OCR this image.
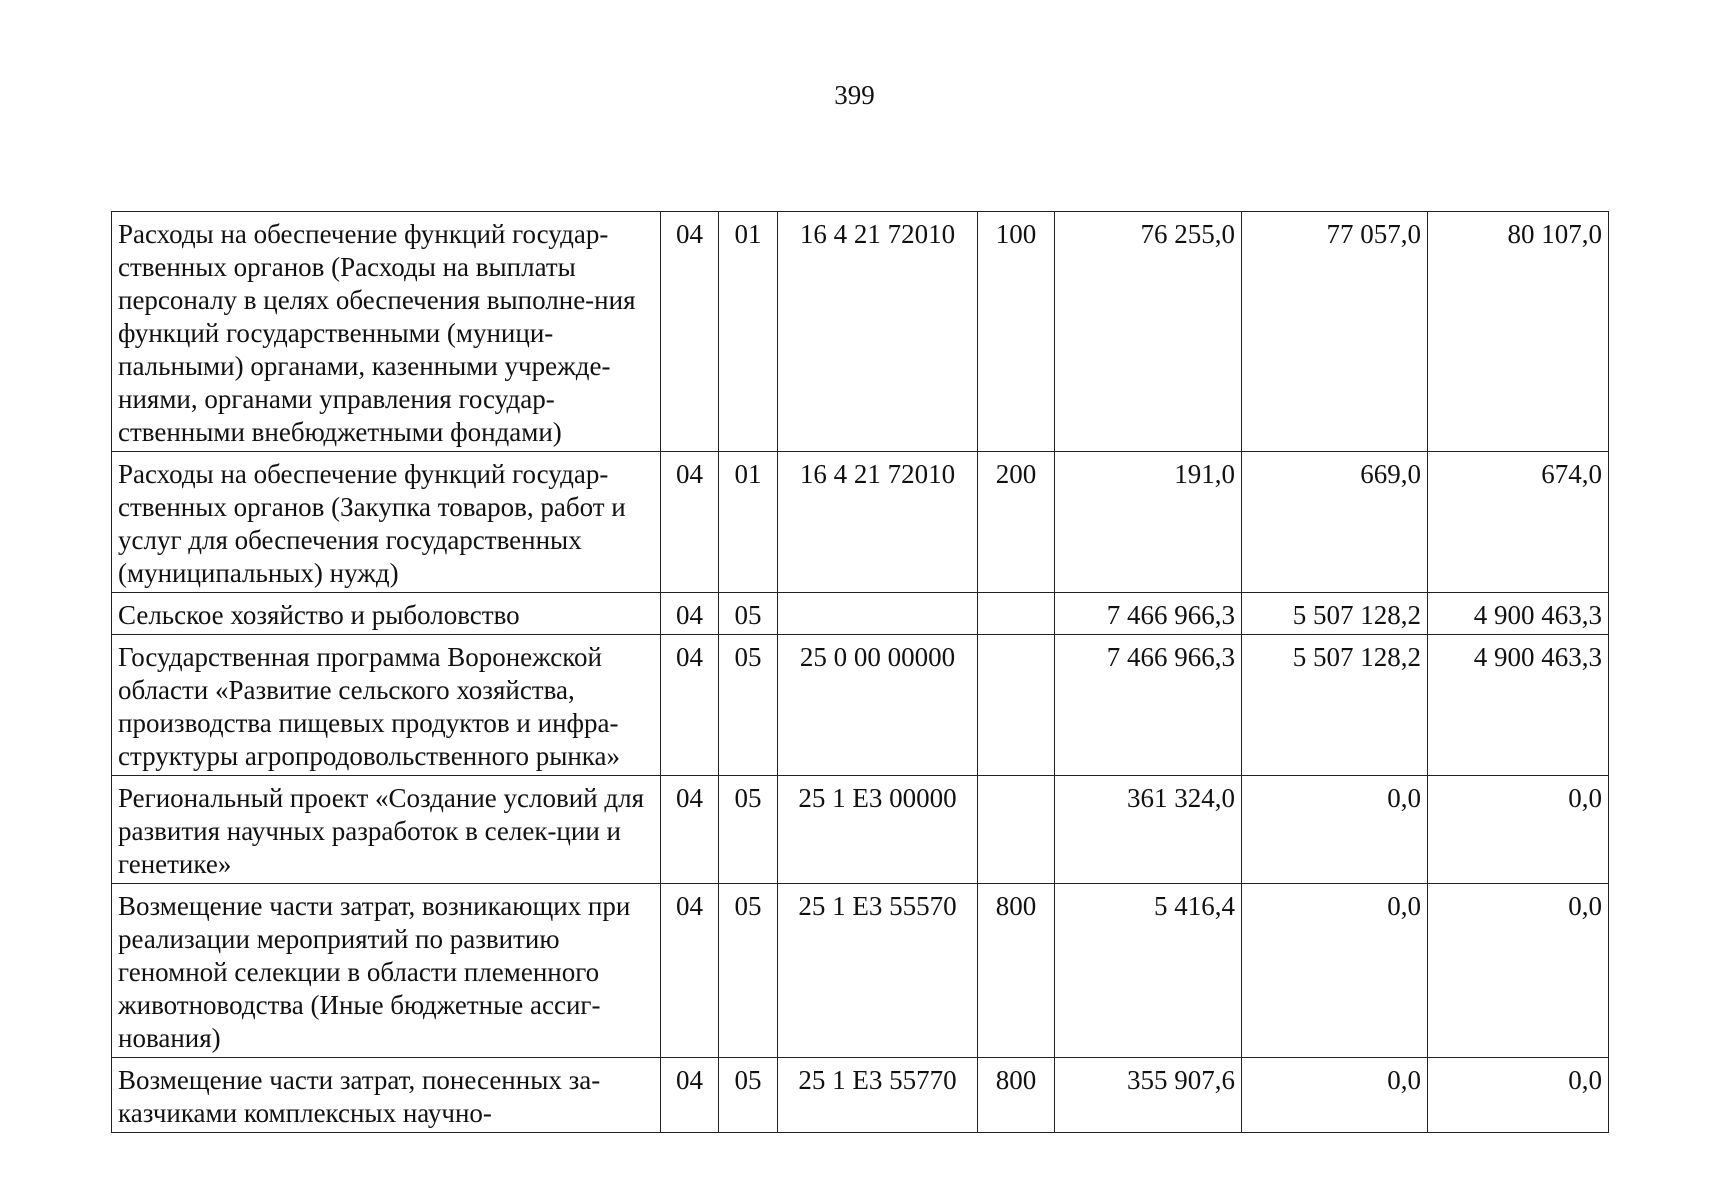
399
Расходы на обеспечение функций государ-ственных органов (Расходы на выплаты персоналу в целях обеспечения выполне-ния функций государственными (муници-пальными) органами, казенными учрежде-ниями, органами управления государ-ственными внебюджетными фондами)	04	01	16 4 21 72010	100	76 255,0	77 057,0	80 107,0
Расходы на обеспечение функций государ-ственных органов (Закупка товаров, работ и услуг для обеспечения государственных (муниципальных) нужд)	04	01	16 4 21 72010	200	191,0	669,0	674,0
Сельское хозяйство и рыболовство	04	05			7 466 966,3	5 507 128,2	4 900 463,3
Государственная программа Воронежской области «Развитие сельского хозяйства, производства пищевых продуктов и инфра-структуры агропродовольственного рынка»	04	05	25 0 00 00000		7 466 966,3	5 507 128,2	4 900 463,3
Региональный проект «Создание условий для развития научных разработок в селек-ции и генетике»	04	05	25 1 Е3 00000		361 324,0	0,0	0,0
Возмещение части затрат, возникающих при реализации мероприятий по развитию геномной селекции в области племенного животноводства (Иные бюджетные ассиг-нования)	04	05	25 1 Е3 55570	800	5 416,4	0,0	0,0
Возмещение части затрат, понесенных за-казчиками комплексных научно-	04	05	25 1 Е3 55770	800	355 907,6	0,0	0,0
